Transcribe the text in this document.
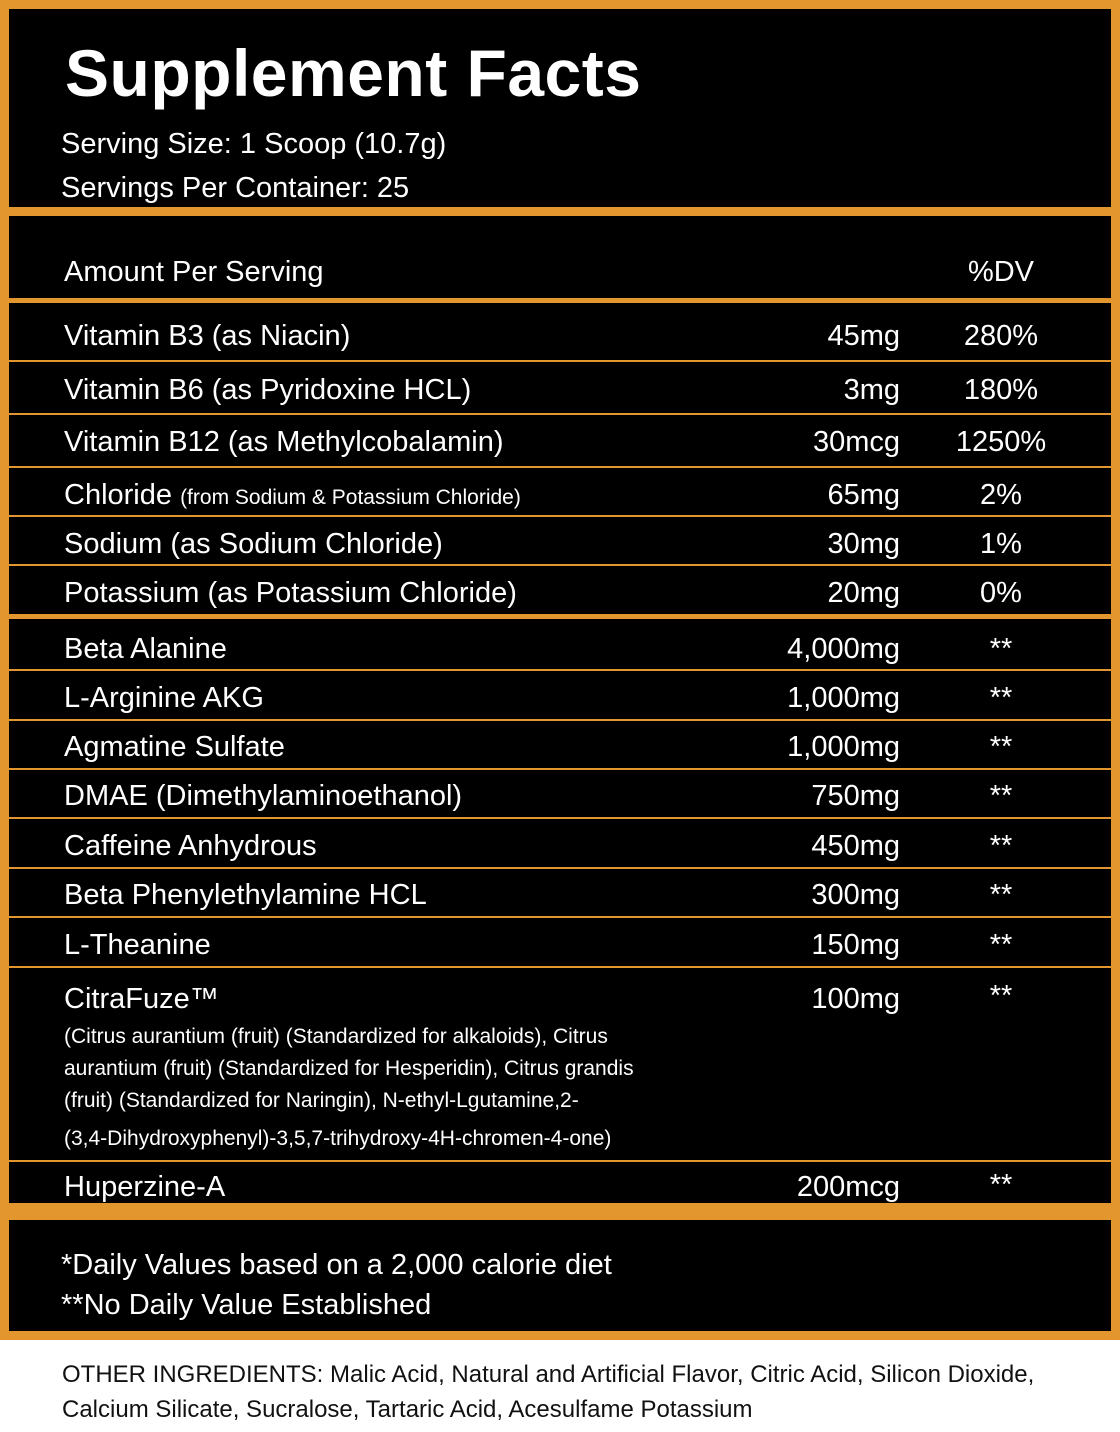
Supplement Facts
Serving Size: 1 Scoop (10.7g)
Servings Per Container: 25
Amount Per Serving	%DV
Vitamin B3 (as Niacin)	45mg	280%
Vitamin B6 (as Pyridoxine HCL)	3mg	180%
Vitamin B12 (as Methylcobalamin)	30mcg	1250%
Chloride (from Sodium & Potassium Chloride)	65mg	2%
Sodium (as Sodium Chloride)	30mg	1%
Potassium (as Potassium Chloride)	20mg	0%
Beta Alanine	4,000mg	**
L-Arginine AKG	1,000mg	**
Agmatine Sulfate	1,000mg	**
DMAE (Dimethylaminoethanol)	750mg	**
Caffeine Anhydrous	450mg	**
Beta Phenylethylamine HCL	300mg	**
L-Theanine	150mg	**
CitraFuze™	100mg	**
(Citrus aurantium (fruit) (Standardized for alkaloids), Citrus
aurantium (fruit) (Standardized for Hesperidin), Citrus grandis
(fruit) (Standardized for Naringin), N-ethyl-Lgutamine,2-
(3,4-Dihydroxyphenyl)-3,5,7-trihydroxy-4H-chromen-4-one)
Huperzine-A	200mcg	**
*Daily Values based on a 2,000 calorie diet
**No Daily Value Established
OTHER INGREDIENTS: Malic Acid, Natural and Artificial Flavor, Citric Acid, Silicon Dioxide, Calcium Silicate, Sucralose, Tartaric Acid, Acesulfame Potassium
